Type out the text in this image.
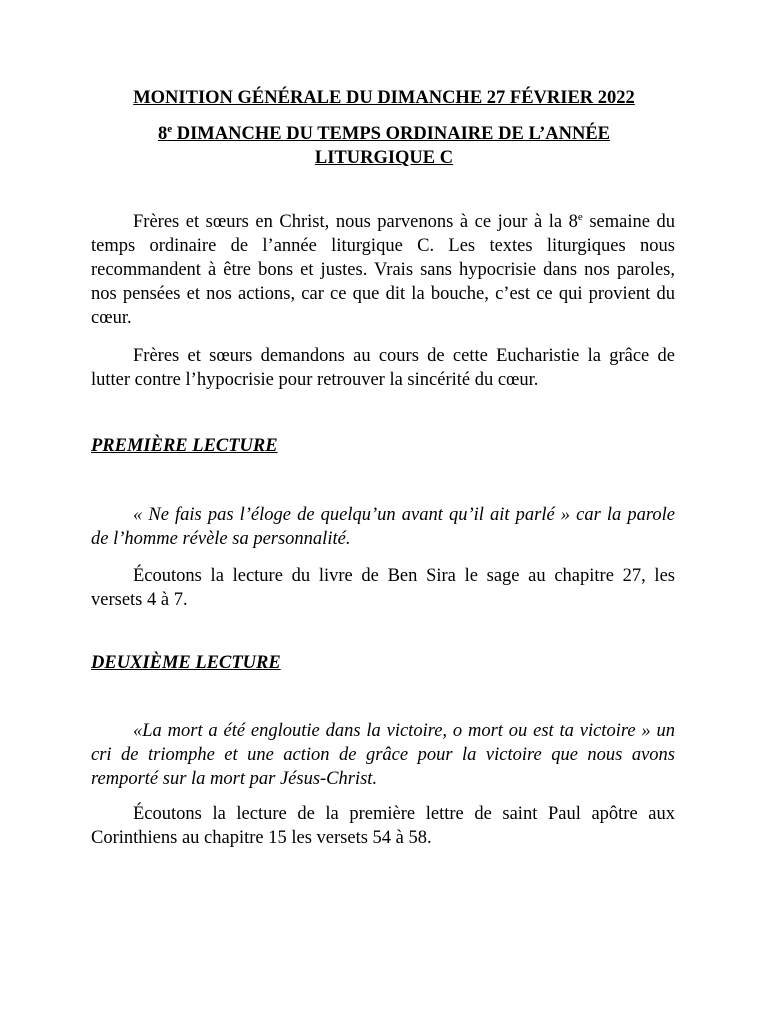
MONITION GÉNÉRALE DU DIMANCHE 27 FÉVRIER 2022
8e DIMANCHE DU TEMPS ORDINAIRE DE L’ANNÉE
LITURGIQUE C

Frères et sœurs en Christ, nous parvenons à ce jour à la 8e semaine du temps ordinaire de l’année liturgique C. Les textes liturgiques nous recommandent à être bons et justes. Vrais sans hypocrisie dans nos paroles, nos pensées et nos actions, car ce que dit la bouche, c’est ce qui provient du cœur.

Frères et sœurs demandons au cours de cette Eucharistie la grâce de lutter contre l’hypocrisie pour retrouver la sincérité du cœur.

PREMIÈRE LECTURE

« Ne fais pas l’éloge de quelqu’un avant qu’il ait parlé » car la parole de l’homme révèle sa personnalité.

Écoutons la lecture du livre de Ben Sira le sage au chapitre 27, les versets 4 à 7.

DEUXIÈME LECTURE

«La mort a été engloutie dans la victoire, o mort ou est ta victoire » un cri de triomphe et une action de grâce pour la victoire que nous avons remporté sur la mort par Jésus-Christ.

Écoutons la lecture de la première lettre de saint Paul apôtre aux Corinthiens au chapitre 15 les versets 54 à 58.
